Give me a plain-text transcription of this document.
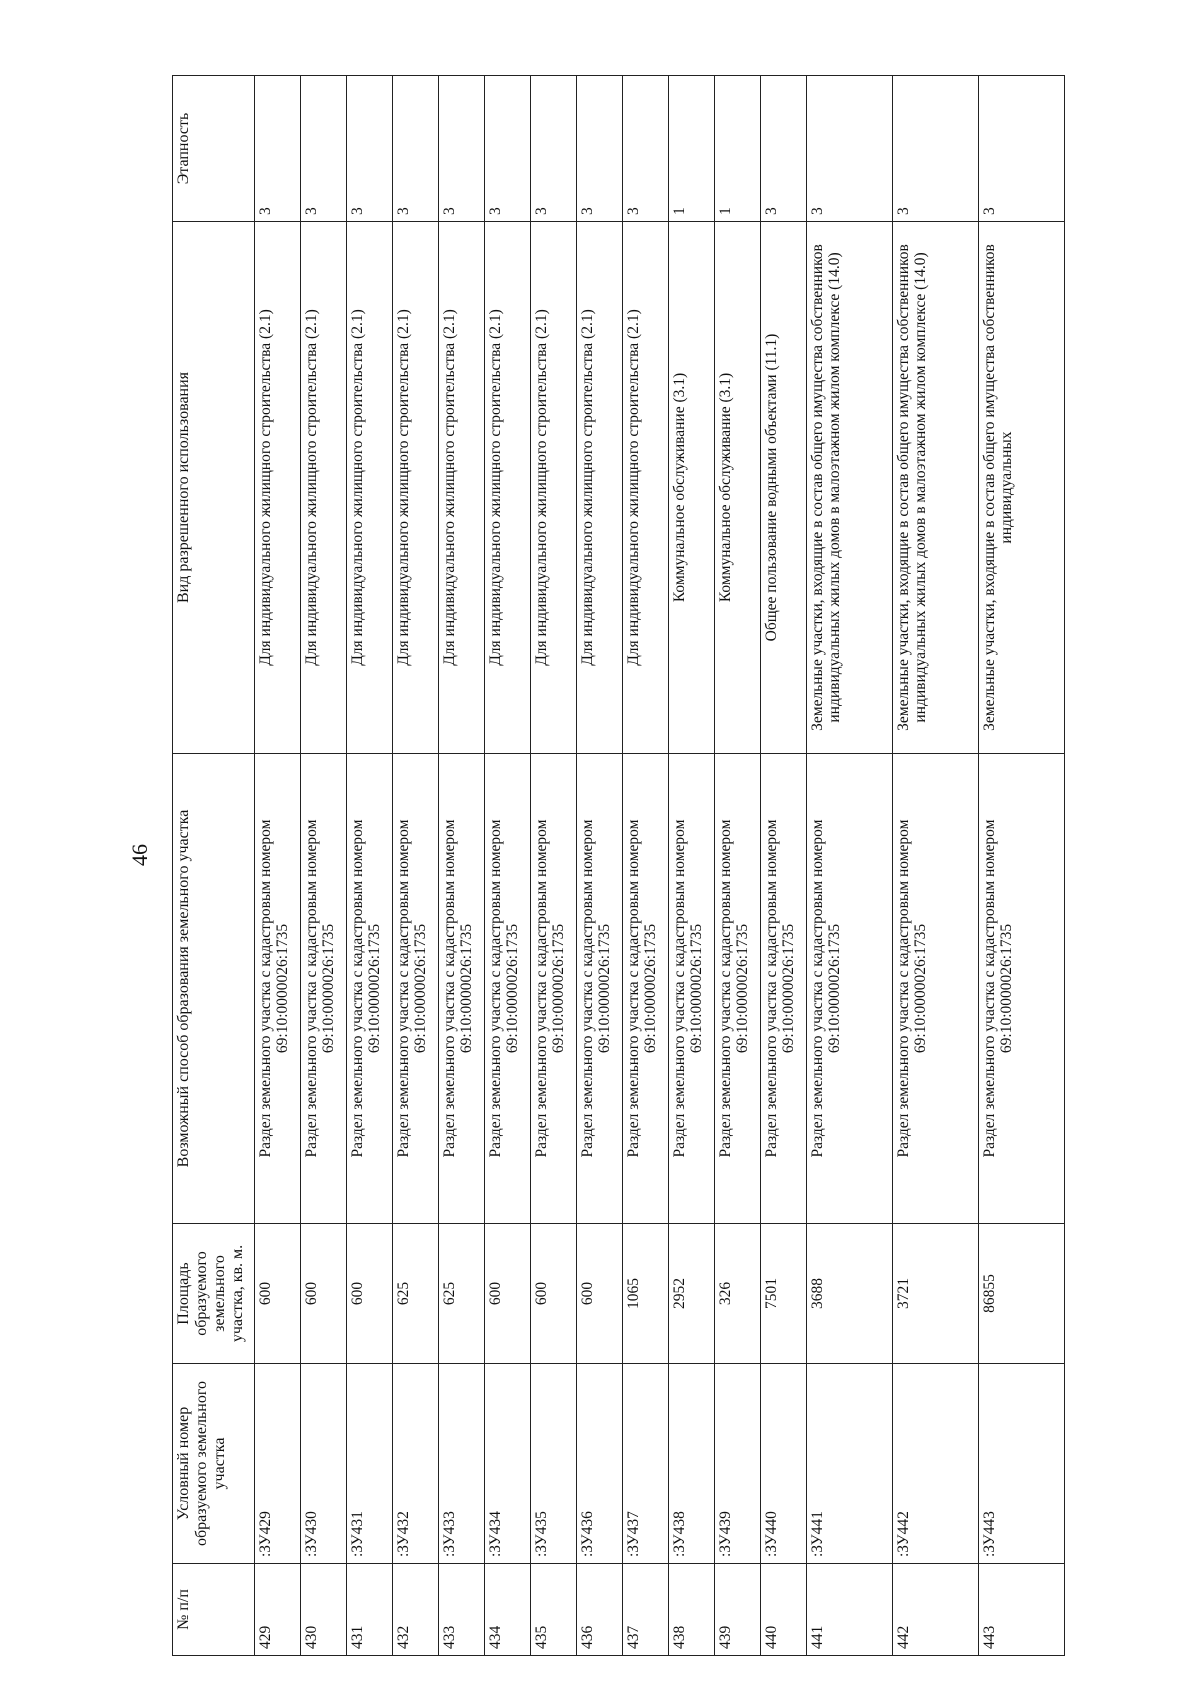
46
№ п/п	Условный номер образуемого земельного участка	Площадь образуемого земельного участка, кв. м.	Возможный способ образования земельного участка	Вид разрешенного использования	Этапность
429	:ЗУ429	600	Раздел земельного участка с кадастровым номером 69:10:0000026:1735	Для индивидуального жилищного строительства (2.1)	3
430	:ЗУ430	600	Раздел земельного участка с кадастровым номером 69:10:0000026:1735	Для индивидуального жилищного строительства (2.1)	3
431	:ЗУ431	600	Раздел земельного участка с кадастровым номером 69:10:0000026:1735	Для индивидуального жилищного строительства (2.1)	3
432	:ЗУ432	625	Раздел земельного участка с кадастровым номером 69:10:0000026:1735	Для индивидуального жилищного строительства (2.1)	3
433	:ЗУ433	625	Раздел земельного участка с кадастровым номером 69:10:0000026:1735	Для индивидуального жилищного строительства (2.1)	3
434	:ЗУ434	600	Раздел земельного участка с кадастровым номером 69:10:0000026:1735	Для индивидуального жилищного строительства (2.1)	3
435	:ЗУ435	600	Раздел земельного участка с кадастровым номером 69:10:0000026:1735	Для индивидуального жилищного строительства (2.1)	3
436	:ЗУ436	600	Раздел земельного участка с кадастровым номером 69:10:0000026:1735	Для индивидуального жилищного строительства (2.1)	3
437	:ЗУ437	1065	Раздел земельного участка с кадастровым номером 69:10:0000026:1735	Для индивидуального жилищного строительства (2.1)	3
438	:ЗУ438	2952	Раздел земельного участка с кадастровым номером 69:10:0000026:1735	Коммунальное обслуживание (3.1)	1
439	:ЗУ439	326	Раздел земельного участка с кадастровым номером 69:10:0000026:1735	Коммунальное обслуживание (3.1)	1
440	:ЗУ440	7501	Раздел земельного участка с кадастровым номером 69:10:0000026:1735	Общее пользование водными объектами (11.1)	3
441	:ЗУ441	3688	Раздел земельного участка с кадастровым номером 69:10:0000026:1735	Земельные участки, входящие в состав общего имущества собственников индивидуальных жилых домов в малоэтажном жилом комплексе (14.0)	3
442	:ЗУ442	3721	Раздел земельного участка с кадастровым номером 69:10:0000026:1735	Земельные участки, входящие в состав общего имущества собственников индивидуальных жилых домов в малоэтажном жилом комплексе (14.0)	3
443	:ЗУ443	86855	Раздел земельного участка с кадастровым номером 69:10:0000026:1735	Земельные участки, входящие в состав общего имущества собственников индивидуальных	3
